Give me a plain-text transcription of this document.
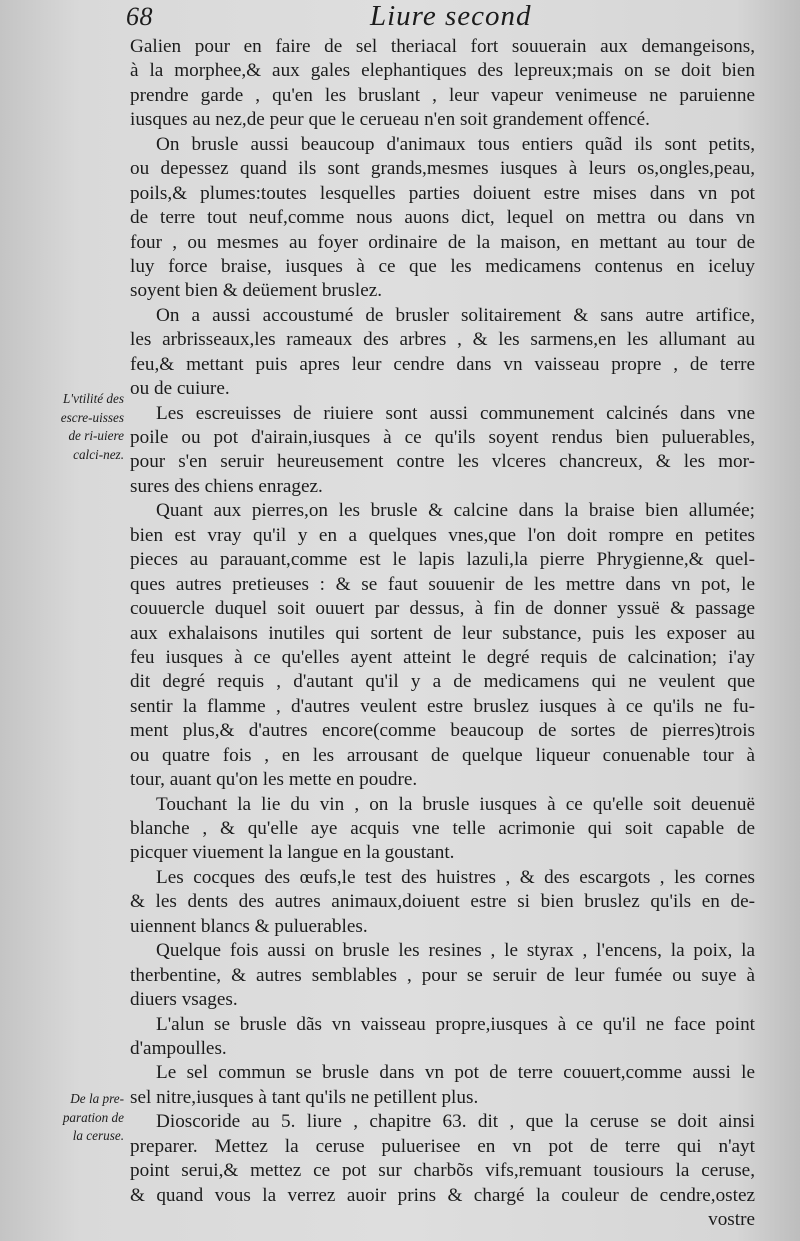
68	Liure second

L'vtilité des escre-uisses de ri-uiere calci-nez.
De la pre-paration de la ceruse.
Galien pour en faire de sel theriacal fort souuerain aux demangeisons,
à la morphee,& aux gales elephantiques des lepreux;mais on se doit bien
prendre garde , qu'en les bruslant , leur vapeur venimeuse ne paruienne
iusques au nez,de peur que le cerueau n'en soit grandement offencé.
On brusle aussi beaucoup d'animaux tous entiers quãd ils sont petits,
ou depessez quand ils sont grands,mesmes iusques à leurs os,ongles,peau,
poils,& plumes:toutes lesquelles parties doiuent estre mises dans vn pot
de terre tout neuf,comme nous auons dict, lequel on mettra ou dans vn
four , ou mesmes au foyer ordinaire de la maison, en mettant au tour de
luy force braise, iusques à ce que les medicamens contenus en iceluy
soyent bien & deüement bruslez.
On a aussi accoustumé de brusler solitairement & sans autre artifice,
les arbrisseaux,les rameaux des arbres , & les sarmens,en les allumant au
feu,& mettant puis apres leur cendre dans vn vaisseau propre , de terre
ou de cuiure.
Les escreuisses de riuiere sont aussi communement calcinés dans vne
poile ou pot d'airain,iusques à ce qu'ils soyent rendus bien puluerables,
pour s'en seruir heureusement contre les vlceres chancreux, & les mor-
sures des chiens enragez.
Quant aux pierres,on les brusle & calcine dans la braise bien allumée;
bien est vray qu'il y en a quelques vnes,que l'on doit rompre en petites
pieces au parauant,comme est le lapis lazuli,la pierre Phrygienne,& quel-
ques autres pretieuses : & se faut souuenir de les mettre dans vn pot, le
couuercle duquel soit ouuert par dessus, à fin de donner yssuë & passage
aux exhalaisons inutiles qui sortent de leur substance, puis les exposer au
feu iusques à ce qu'elles ayent atteint le degré requis de calcination; i'ay
dit degré requis , d'autant qu'il y a de medicamens qui ne veulent que
sentir la flamme , d'autres veulent estre bruslez iusques à ce qu'ils ne fu-
ment plus,& d'autres encore(comme beaucoup de sortes de pierres)trois
ou quatre fois , en les arrousant de quelque liqueur conuenable tour à
tour, auant qu'on les mette en poudre.
Touchant la lie du vin , on la brusle iusques à ce qu'elle soit deuenuë
blanche , & qu'elle aye acquis vne telle acrimonie qui soit capable de
picquer viuement la langue en la goustant.
Les cocques des œufs,le test des huistres , & des escargots , les cornes
& les dents des autres animaux,doiuent estre si bien bruslez qu'ils en de-
uiennent blancs & puluerables.
Quelque fois aussi on brusle les resines , le styrax , l'encens, la poix, la
therbentine, & autres semblables , pour se seruir de leur fumée ou suye à
diuers vsages.
L'alun se brusle dãs vn vaisseau propre,iusques à ce qu'il ne face point
d'ampoulles.
Le sel commun se brusle dans vn pot de terre couuert,comme aussi le
sel nitre,iusques à tant qu'ils ne petillent plus.
Dioscoride au 5. liure , chapitre 63. dit , que la ceruse se doit ainsi
preparer. Mettez la ceruse puluerisee en vn pot de terre qui n'ayt
point serui,& mettez ce pot sur charbõs vifs,remuant tousiours la ceruse,
& quand vous la verrez auoir prins & chargé la couleur de cendre,ostez
vostre
